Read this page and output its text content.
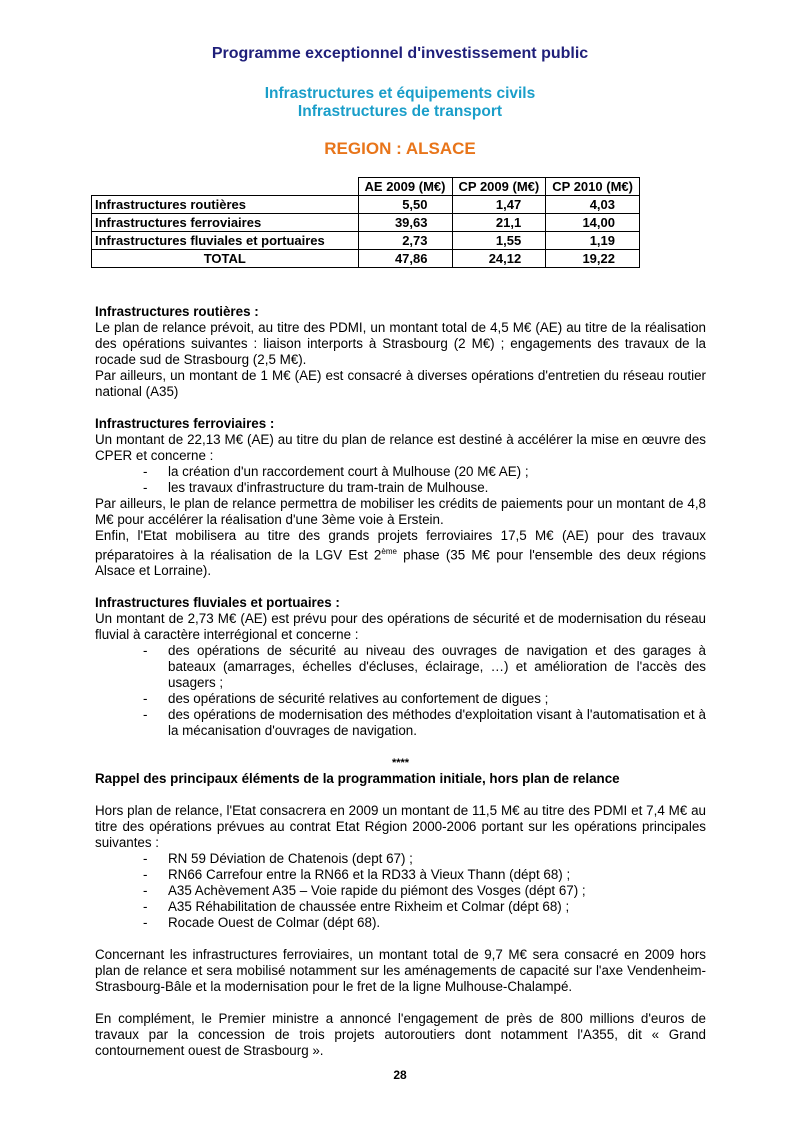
Programme exceptionnel d'investissement public
Infrastructures et équipements civils
Infrastructures de transport
REGION : ALSACE
	AE 2009 (M€)	CP 2009 (M€)	CP 2010 (M€)
Infrastructures routières	5,50	1,47	4,03
Infrastructures ferroviaires	39,63	21,1	14,00
Infrastructures fluviales et portuaires	2,73	1,55	1,19
TOTAL	47,86	24,12	19,22

Infrastructures routières :

Le plan de relance prévoit, au titre des PDMI, un montant total de 4,5 M€ (AE) au titre de la réalisation des opérations suivantes : liaison interports à Strasbourg (2 M€) ; engagements des travaux de la rocade sud de Strasbourg (2,5 M€).

Par ailleurs, un montant de 1 M€ (AE) est consacré à diverses opérations d'entretien du réseau routier national (A35)

Infrastructures ferroviaires :

Un montant de 22,13 M€ (AE) au titre du plan de relance est destiné à accélérer la mise en œuvre des CPER et concerne :

- la création d'un raccordement court à Mulhouse (20 M€ AE) ;
- les travaux d'infrastructure du tram-train de Mulhouse.

Par ailleurs, le plan de relance permettra de mobiliser les crédits de paiements pour un montant de 4,8 M€ pour accélérer la réalisation d'une 3ème voie à Erstein.

Enfin, l'Etat mobilisera au titre des grands projets ferroviaires 17,5 M€ (AE) pour des travaux préparatoires à la réalisation de la LGV Est 2ème phase (35 M€ pour l'ensemble des deux régions Alsace et Lorraine).

Infrastructures fluviales et portuaires :

Un montant de 2,73 M€ (AE) est prévu pour des opérations de sécurité et de modernisation du réseau fluvial à caractère interrégional et concerne :

- des opérations de sécurité au niveau des ouvrages de navigation et des garages à bateaux (amarrages, échelles d'écluses, éclairage, …) et amélioration de l'accès des usagers ;
- des opérations de sécurité relatives au confortement de digues ;
- des opérations de modernisation des méthodes d'exploitation visant à l'automatisation et à la mécanisation d'ouvrages de navigation.

****

Rappel des principaux éléments de la programmation initiale, hors plan de relance

Hors plan de relance, l'Etat consacrera en 2009 un montant de 11,5 M€ au titre des PDMI et 7,4 M€ au titre des opérations prévues au contrat Etat Région 2000-2006 portant sur les opérations principales suivantes :

- RN 59 Déviation de Chatenois (dept 67) ;
- RN66 Carrefour entre la RN66 et la RD33 à Vieux Thann (dépt 68) ;
- A35 Achèvement A35 – Voie rapide du piémont des Vosges (dépt 67) ;
- A35 Réhabilitation de chaussée entre Rixheim et Colmar (dépt 68) ;
- Rocade Ouest de Colmar (dépt 68).

Concernant les infrastructures ferroviaires, un montant total de 9,7 M€ sera consacré en 2009 hors plan de relance et sera mobilisé notamment sur les aménagements de capacité sur l'axe Vendenheim-Strasbourg-Bâle et la modernisation pour le fret de la ligne Mulhouse-Chalampé.

En complément, le Premier ministre a annoncé l'engagement de près de 800 millions d'euros de travaux par la concession de trois projets autoroutiers dont notamment l'A355, dit « Grand contournement ouest de Strasbourg ».

28
